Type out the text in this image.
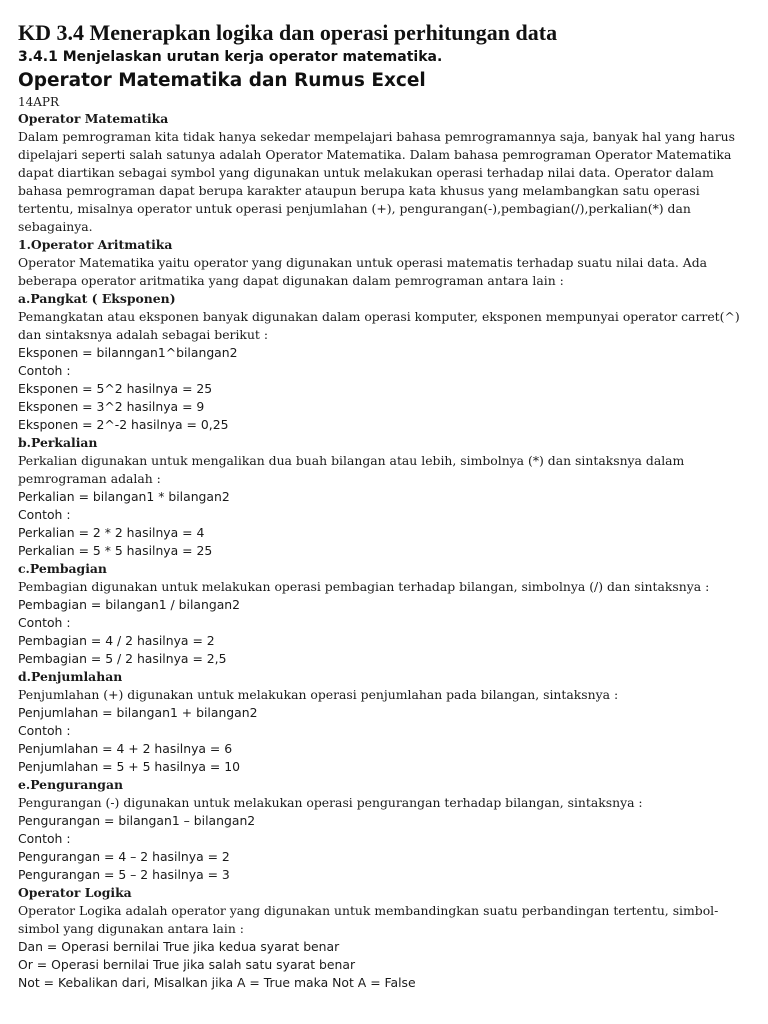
KD 3.4 Menerapkan logika dan operasi perhitungan data

3.4.1 Menjelaskan urutan kerja operator matematika.

Operator Matematika dan Rumus Excel

14APR

Operator Matematika

Dalam pemrograman kita tidak hanya sekedar mempelajari bahasa pemrogramannya saja, banyak hal yang harus dipelajari seperti salah satunya adalah Operator Matematika. Dalam bahasa pemrograman Operator Matematika dapat diartikan sebagai symbol yang digunakan untuk melakukan operasi terhadap nilai data. Operator dalam bahasa pemrograman dapat berupa karakter ataupun berupa kata khusus yang melambangkan satu operasi tertentu, misalnya operator untuk operasi penjumlahan (+), pengurangan(-),pembagian(/),perkalian(*) dan sebagainya.

1.Operator Aritmatika

Operator Matematika yaitu operator yang digunakan untuk operasi matematis terhadap suatu nilai data. Ada beberapa operator aritmatika yang dapat digunakan dalam pemrograman antara lain :

a.Pangkat ( Eksponen)

Pemangkatan atau eksponen banyak digunakan dalam operasi komputer, eksponen mempunyai operator carret(^) dan sintaksnya adalah sebagai berikut :

Eksponen = bilanngan1^bilangan2

Contoh :

Eksponen = 5^2 hasilnya = 25

Eksponen = 3^2 hasilnya = 9

Eksponen = 2^-2 hasilnya = 0,25

b.Perkalian

Perkalian digunakan untuk mengalikan dua buah bilangan atau lebih, simbolnya (*) dan sintaksnya dalam pemrograman adalah :

Perkalian = bilangan1 * bilangan2

Contoh :

Perkalian = 2 * 2 hasilnya = 4

Perkalian = 5 * 5 hasilnya = 25

c.Pembagian

Pembagian digunakan untuk melakukan operasi pembagian terhadap bilangan, simbolnya (/) dan sintaksnya :

Pembagian = bilangan1 / bilangan2

Contoh :

Pembagian = 4 / 2 hasilnya = 2

Pembagian = 5 / 2 hasilnya = 2,5

d.Penjumlahan

Penjumlahan (+) digunakan untuk melakukan operasi penjumlahan pada bilangan, sintaksnya :

Penjumlahan = bilangan1 + bilangan2

Contoh :

Penjumlahan = 4 + 2 hasilnya = 6

Penjumlahan = 5 + 5 hasilnya = 10

e.Pengurangan

Pengurangan (-) digunakan untuk melakukan operasi pengurangan terhadap bilangan, sintaksnya :

Pengurangan = bilangan1 – bilangan2

Contoh :

Pengurangan = 4 – 2 hasilnya = 2

Pengurangan = 5 – 2 hasilnya = 3

Operator Logika

Operator Logika adalah operator yang digunakan untuk membandingkan suatu perbandingan tertentu, simbol-simbol yang digunakan antara lain :

Dan = Operasi bernilai True jika kedua syarat benar

Or = Operasi bernilai True jika salah satu syarat benar

Not = Kebalikan dari, Misalkan jika A = True maka Not A = False
